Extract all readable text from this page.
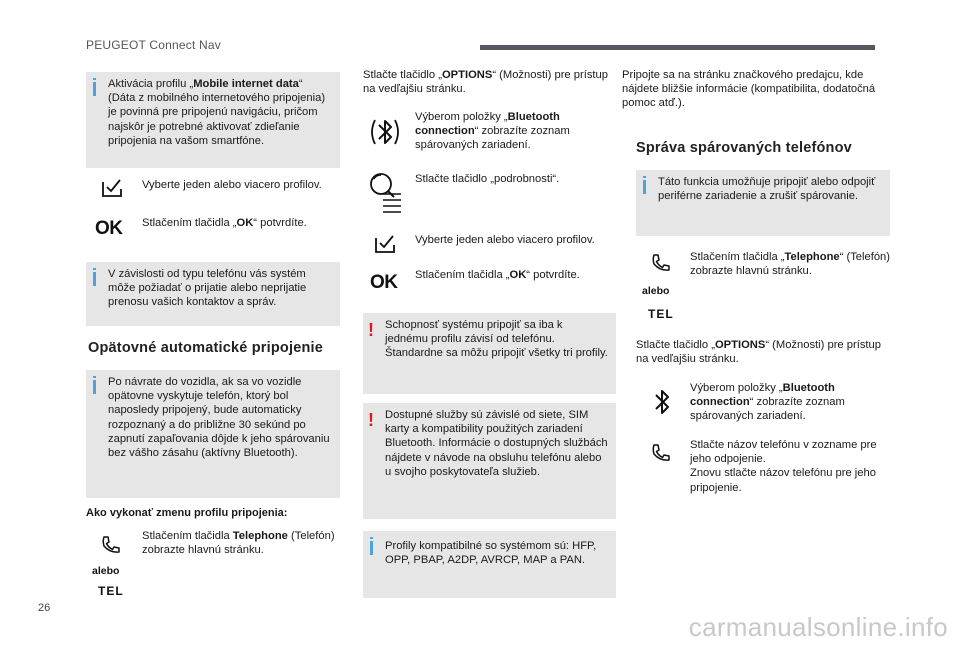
PEUGEOT Connect Nav
26
carmanualsonline.info
Aktivácia profilu „Mobile internet data“ (Dáta z mobilného internetového pripojenia) je povinná pre pripojenú navigáciu, pričom najskôr je potrebné aktivovať zdieľanie pripojenia na vašom smartfóne.
Vyberte jeden alebo viacero profilov.
OK Stlačením tlačidla „OK“ potvrdíte.
V závislosti od typu telefónu vás systém môže požiadať o prijatie alebo neprijatie prenosu vašich kontaktov a správ.
Opätovné automatické pripojenie
Po návrate do vozidla, ak sa vo vozidle opätovne vyskytuje telefón, ktorý bol naposledy pripojený, bude automaticky rozpoznaný a do približne 30 sekúnd po zapnutí zapaľovania dôjde k jeho spárovaniu bez vášho zásahu (aktívny Bluetooth).
Ako vykonať zmenu profilu pripojenia:
alebo
TEL
Stlačením tlačidla Telephone (Telefón) zobrazte hlavnú stránku.
Stlačte tlačidlo „OPTIONS“ (Možnosti) pre prístup na vedľajšiu stránku.
Výberom položky „Bluetooth connection“ zobrazíte zoznam spárovaných zariadení.
Stlačte tlačidlo „podrobnosti“.
Vyberte jeden alebo viacero profilov.
OK Stlačením tlačidla „OK“ potvrdíte.
! Schopnosť systému pripojiť sa iba k jednému profilu závisí od telefónu. Štandardne sa môžu pripojiť všetky tri profily.
! Dostupné služby sú závislé od siete, SIM karty a kompatibility použitých zariadení Bluetooth. Informácie o dostupných službách nájdete v návode na obsluhu telefónu alebo u svojho poskytovateľa služieb.
Profily kompatibilné so systémom sú: HFP, OPP, PBAP, A2DP, AVRCP, MAP a PAN.
Pripojte sa na stránku značkového predajcu, kde nájdete bližšie informácie (kompatibilita, dodatočná pomoc atď.).
Správa spárovaných telefónov
Táto funkcia umožňuje pripojiť alebo odpojiť periférne zariadenie a zrušiť spárovanie.
alebo
TEL
Stlačením tlačidla „Telephone“ (Telefón) zobrazte hlavnú stránku.
Stlačte tlačidlo „OPTIONS“ (Možnosti) pre prístup na vedľajšiu stránku.
Výberom položky „Bluetooth connection“ zobrazíte zoznam spárovaných zariadení.
Stlačte názov telefónu v zozname pre jeho odpojenie.
Znovu stlačte názov telefónu pre jeho pripojenie.
